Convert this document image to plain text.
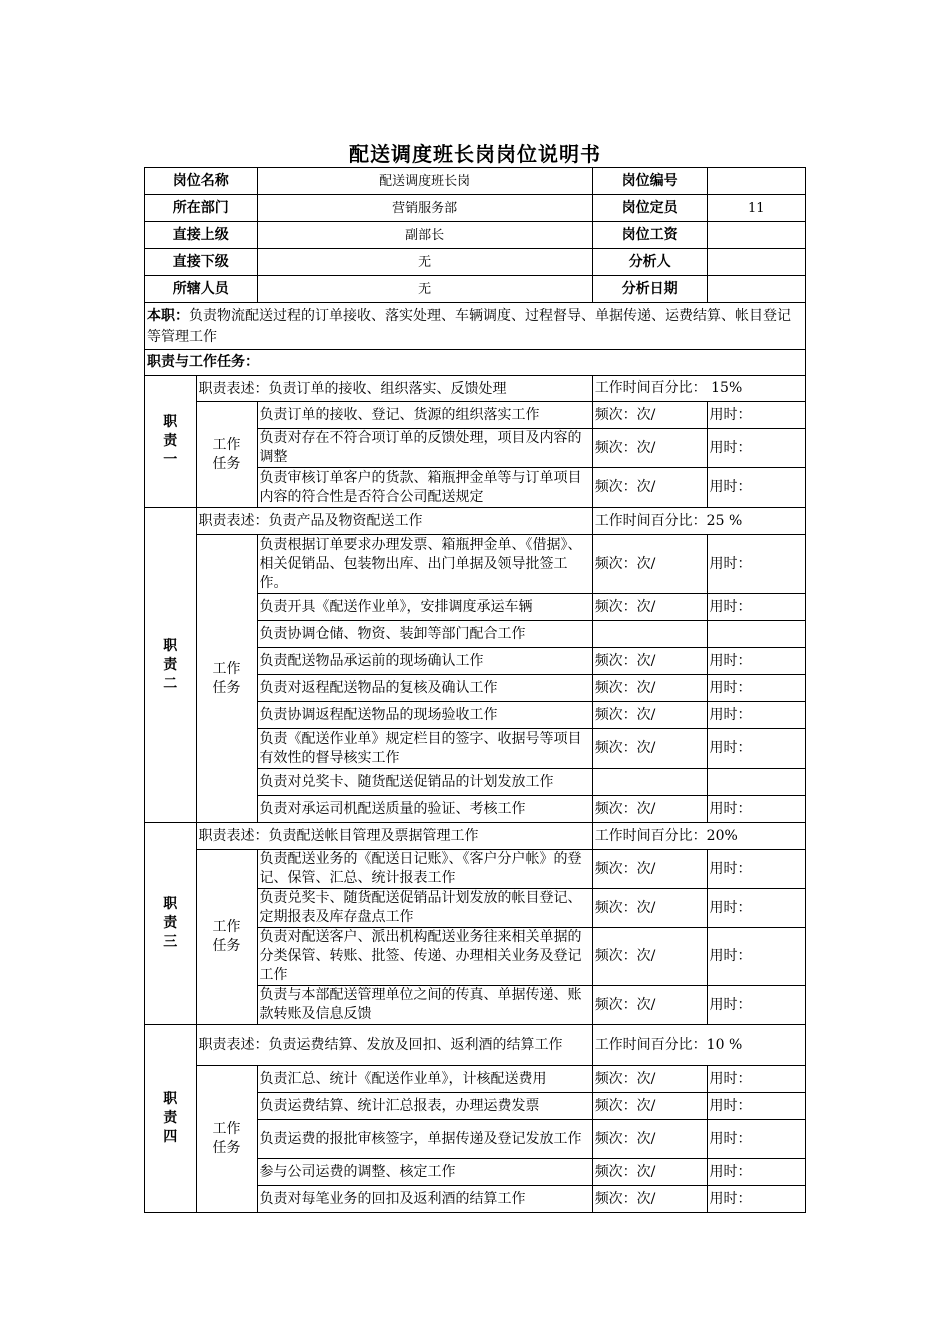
配送调度班长岗岗位说明书
岗位名称		配送调度班长岗	岗位编号	
所在部门		营销服务部	岗位定员	11
直接上级		副部长	岗位工资	
直接下级		无	分析人	
所辖人员		无	分析日期	
本职：负责物流配送过程的订单接收、落实处理、车辆调度、过程督导、单据传递、运费结算、帐目登记等管理工作				
职责与工作任务：				

职
责
一	职责表述：负责订单的接收、组织落实、反馈处理		工作时间百分比： 15%	

	工作
任务	负责订单的接收、登记、货源的组织落实工作	频次：次/	用时：
		负责对存在不符合项订单的反馈处理，项目及内容的调整	频次：次/	用时：
		负责审核订单客户的货款、箱瓶押金单等与订单项目内容的符合性是否符合公司配送规定	频次：次/	用时：

职
责
二	职责表述：负责产品及物资配送工作		工作时间百分比：25 %	

	工作
任务	负责根据订单要求办理发票、箱瓶押金单、《借据》、相关促销品、包装物出库、出门单据及领导批签工作。	频次：次/	用时：
		负责开具《配送作业单》，安排调度承运车辆	频次：次/	用时：
		负责协调仓储、物资、装卸等部门配合工作		
		负责配送物品承运前的现场确认工作	频次：次/	用时：
		负责对返程配送物品的复核及确认工作	频次：次/	用时：
		负责协调返程配送物品的现场验收工作	频次：次/	用时：
		负责《配送作业单》规定栏目的签字、收据号等项目有效性的督导核实工作	频次：次/	用时：
		负责对兑奖卡、随货配送促销品的计划发放工作		
		负责对承运司机配送质量的验证、考核工作	频次：次/	用时：

职
责
三	职责表述：负责配送帐目管理及票据管理工作		工作时间百分比：20%	

	工作
任务	负责配送业务的《配送日记账》、《客户分户帐》的登记、保管、汇总、统计报表工作	频次：次/	用时：
		负责兑奖卡、随货配送促销品计划发放的帐目登记、定期报表及库存盘点工作	频次：次/	用时：
		负责对配送客户、派出机构配送业务往来相关单据的分类保管、转账、批签、传递、办理相关业务及登记工作	频次：次/	用时：
		负责与本部配送管理单位之间的传真、单据传递、账款转账及信息反馈	频次：次/	用时：

职
责
四	职责表述：负责运费结算、发放及回扣、返利酒的结算工作		工作时间百分比：10 %	

	工作
任务	负责汇总、统计《配送作业单》，计核配送费用	频次：次/	用时：
		负责运费结算、统计汇总报表，办理运费发票	频次：次/	用时：
		负责运费的报批审核签字，单据传递及登记发放工作	频次：次/	用时：
		参与公司运费的调整、核定工作	频次：次/	用时：
		负责对每笔业务的回扣及返利酒的结算工作	频次：次/	用时：
